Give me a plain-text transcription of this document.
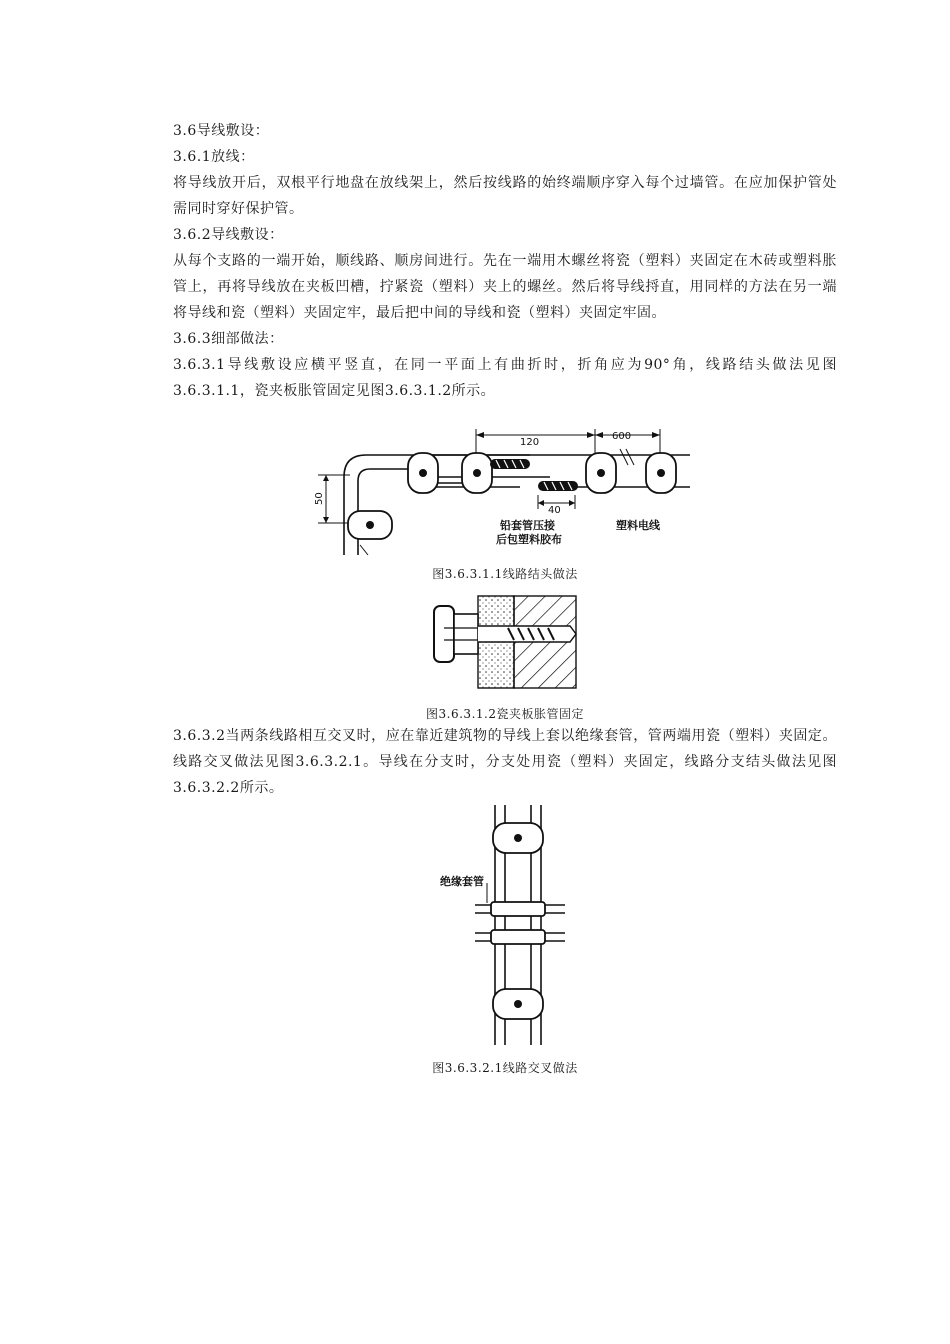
3.6导线敷设：

3.6.1放线：

将导线放开后，双根平行地盘在放线架上，然后按线路的始终端顺序穿入每个过墙管。在应加保护管处需同时穿好保护管。

3.6.2导线敷设：

从每个支路的一端开始，顺线路、顺房间进行。先在一端用木螺丝将瓷（塑料）夹固定在木砖或塑料胀管上，再将导线放在夹板凹槽，拧紧瓷（塑料）夹上的螺丝。然后将导线捋直，用同样的方法在另一端将导线和瓷（塑料）夹固定牢，最后把中间的导线和瓷（塑料）夹固定牢固。

3.6.3细部做法：

3.6.3.1导线敷设应横平竖直，在同一平面上有曲折时，折角应为90°角，线路结头做法见图3.6.3.1.1，瓷夹板胀管固定见图3.6.3.1.2所示。

120
600
40
50
铅套管压接
后包塑料胶布
塑料电线
图3.6.3.1.1线路结头做法
图3.6.3.1.2瓷夹板胀管固定

3.6.3.2当两条线路相互交叉时，应在靠近建筑物的导线上套以绝缘套管，管两端用瓷（塑料）夹固定。线路交叉做法见图3.6.3.2.1。导线在分支时，分支处用瓷（塑料）夹固定，线路分支结头做法见图3.6.3.2.2所示。

绝缘套管
图3.6.3.2.1线路交叉做法
